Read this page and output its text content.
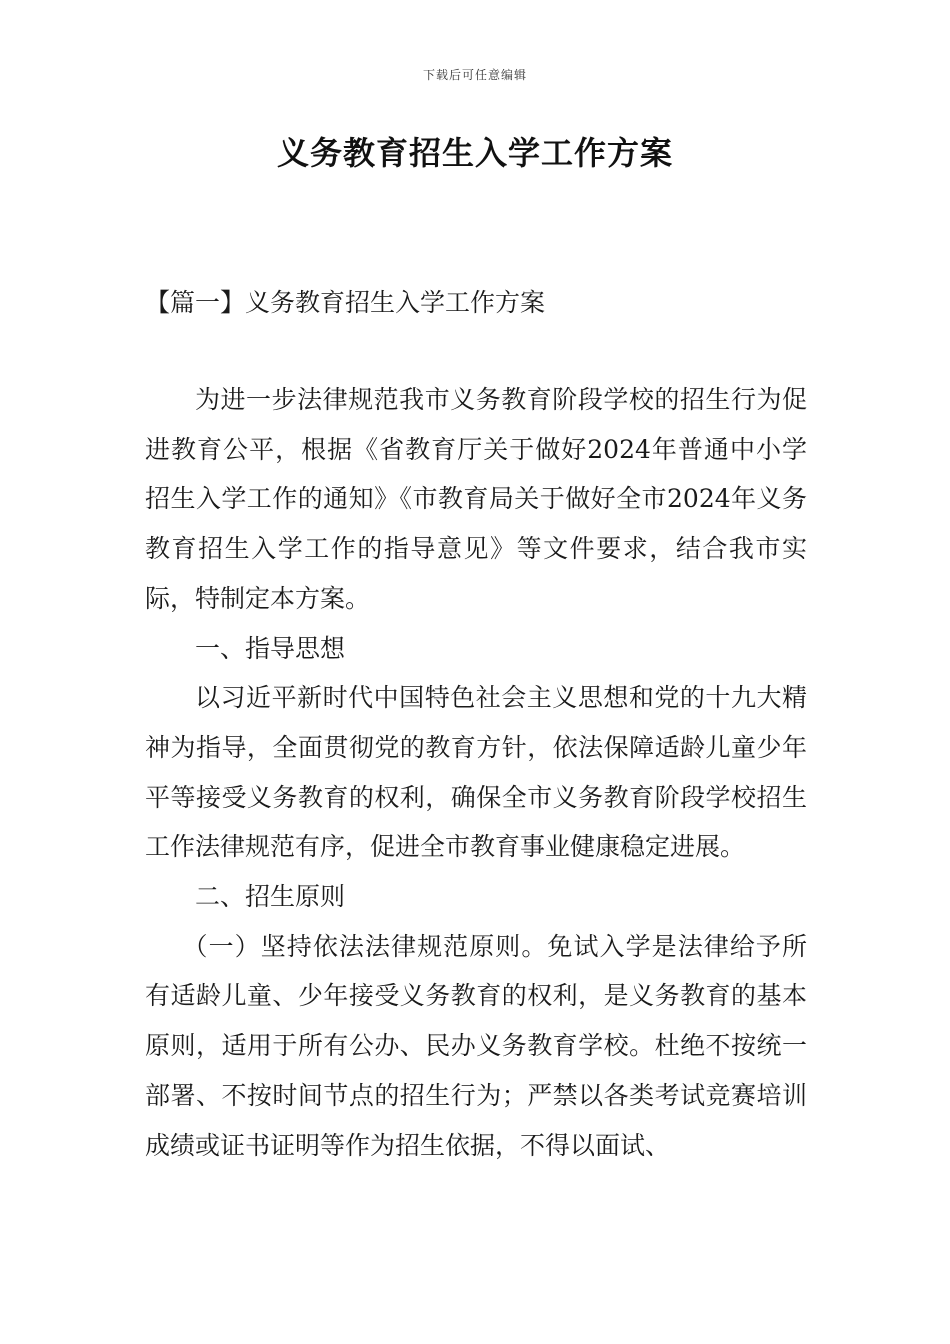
下载后可任意编辑
义务教育招生入学工作方案
【篇一】义务教育招生入学工作方案

为进一步法律规范我市义务教育阶段学校的招生行为促进教育公平，根据《省教育厅关于做好2024年普通中小学招生入学工作的通知》《市教育局关于做好全市2024年义务教育招生入学工作的指导意见》等文件要求，结合我市实际，特制定本方案。

一、指导思想

以习近平新时代中国特色社会主义思想和党的十九大精神为指导，全面贯彻党的教育方针，依法保障适龄儿童少年平等接受义务教育的权利，确保全市义务教育阶段学校招生工作法律规范有序，促进全市教育事业健康稳定进展。

二、招生原则

（一）坚持依法法律规范原则。免试入学是法律给予所有适龄儿童、少年接受义务教育的权利，是义务教育的基本原则，适用于所有公办、民办义务教育学校。杜绝不按统一部署、不按时间节点的招生行为；严禁以各类考试竞赛培训成绩或证书证明等作为招生依据，不得以面试、
